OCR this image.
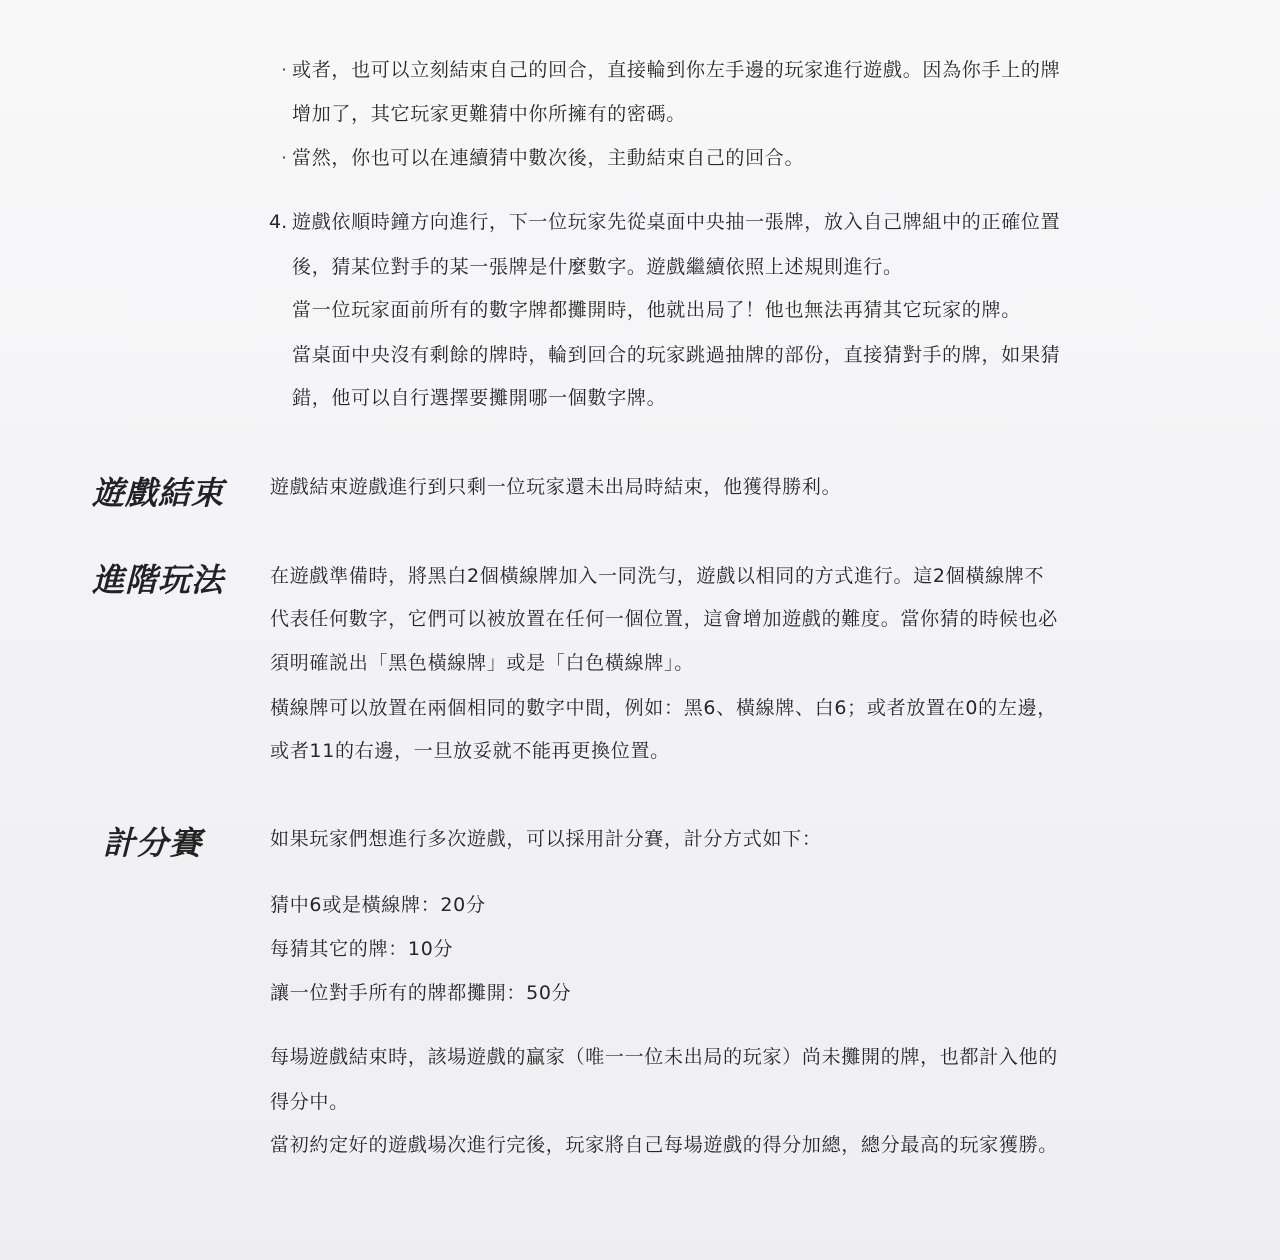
· 或者，也可以立刻結束自己的回合，直接輪到你左手邊的玩家進行遊戲。因為你手上的牌
增加了，其它玩家更難猜中你所擁有的密碼。
· 當然，你也可以在連續猜中數次後，主動結束自己的回合。
4. 遊戲依順時鐘方向進行，下一位玩家先從桌面中央抽一張牌，放入自己牌組中的正確位置
後，猜某位對手的某一張牌是什麼數字。遊戲繼續依照上述規則進行。
當一位玩家面前所有的數字牌都攤開時，他就出局了！他也無法再猜其它玩家的牌。
當桌面中央沒有剩餘的牌時，輪到回合的玩家跳過抽牌的部份，直接猜對手的牌，如果猜
錯，他可以自行選擇要攤開哪一個數字牌。
遊戲結束 遊戲結束遊戲進行到只剩一位玩家還未出局時結束，他獲得勝利。
進階玩法 在遊戲準備時，將黑白2個橫線牌加入一同洗勻，遊戲以相同的方式進行。這2個橫線牌不
代表任何數字，它們可以被放置在任何一個位置，這會增加遊戲的難度。當你猜的時候也必
須明確説出「黑色橫線牌」或是「白色橫線牌」。
橫線牌可以放置在兩個相同的數字中間，例如：黑6、橫線牌、白6；或者放置在0的左邊，
或者11的右邊，一旦放妥就不能再更換位置。
計分賽	如果玩家們想進行多次遊戲，可以採用計分賽，計分方式如下：
猜中6或是橫線牌：20分
每猜其它的牌：10分
讓一位對手所有的牌都攤開：50分
每場遊戲結束時，該場遊戲的贏家（唯一一位未出局的玩家）尚未攤開的牌，也都計入他的
得分中。
當初約定好的遊戲場次進行完後，玩家將自己每場遊戲的得分加總，總分最高的玩家獲勝。
